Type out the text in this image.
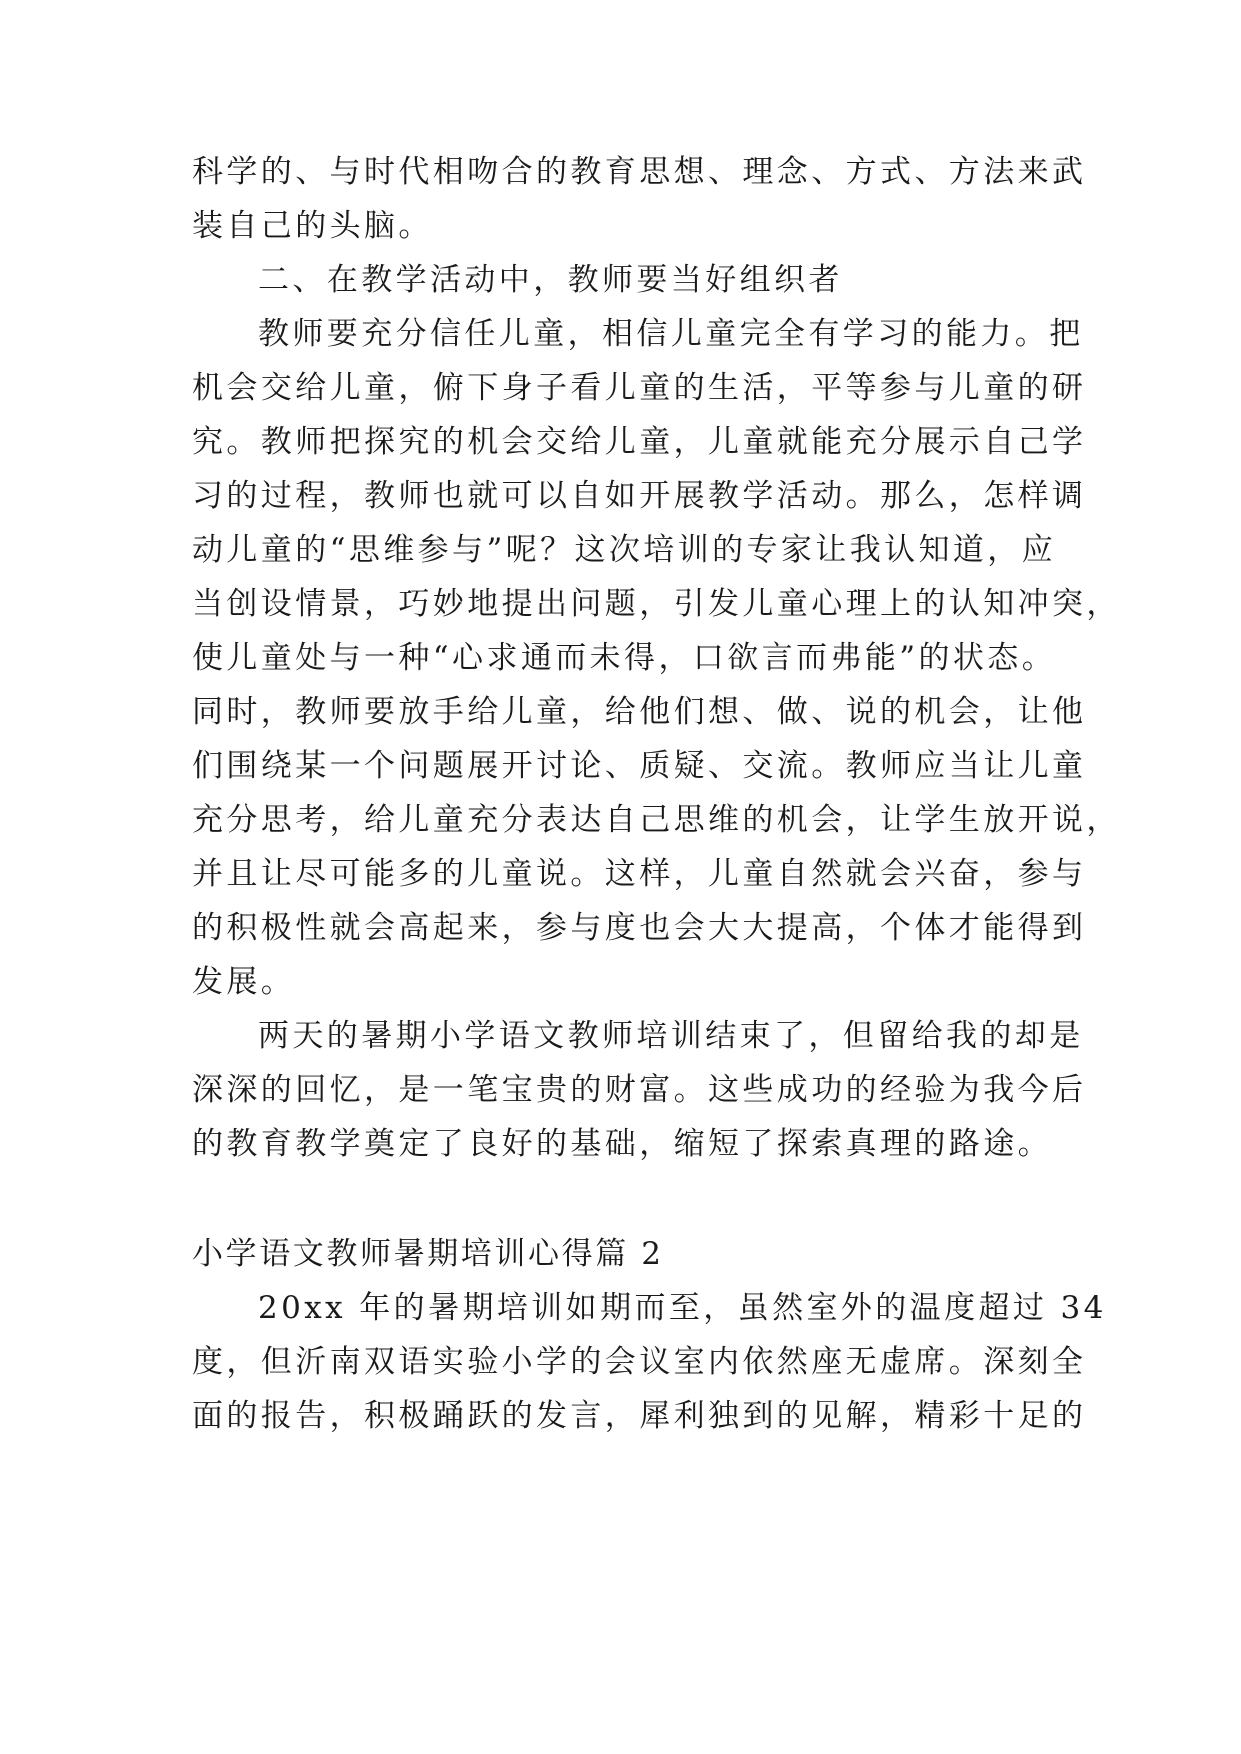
科学的、与时代相吻合的教育思想、理念、方式、方法来武
装自己的头脑。
二、在教学活动中，教师要当好组织者
教师要充分信任儿童，相信儿童完全有学习的能力。把
机会交给儿童，俯下身子看儿童的生活，平等参与儿童的研
究。教师把探究的机会交给儿童，儿童就能充分展示自己学
习的过程，教师也就可以自如开展教学活动。那么，怎样调
动儿童的“思维参与”呢？这次培训的专家让我认知道，应
当创设情景，巧妙地提出问题，引发儿童心理上的认知冲突，
使儿童处与一种“心求通而未得，口欲言而弗能”的状态。
同时，教师要放手给儿童，给他们想、做、说的机会，让他
们围绕某一个问题展开讨论、质疑、交流。教师应当让儿童
充分思考，给儿童充分表达自己思维的机会，让学生放开说，
并且让尽可能多的儿童说。这样，儿童自然就会兴奋，参与
的积极性就会高起来，参与度也会大大提高，个体才能得到
发展。
两天的暑期小学语文教师培训结束了，但留给我的却是
深深的回忆，是一笔宝贵的财富。这些成功的经验为我今后
的教育教学奠定了良好的基础，缩短了探索真理的路途。
小学语文教师暑期培训心得篇 2
20xx 年的暑期培训如期而至，虽然室外的温度超过 34
度，但沂南双语实验小学的会议室内依然座无虚席。深刻全
面的报告，积极踊跃的发言，犀利独到的见解，精彩十足的
